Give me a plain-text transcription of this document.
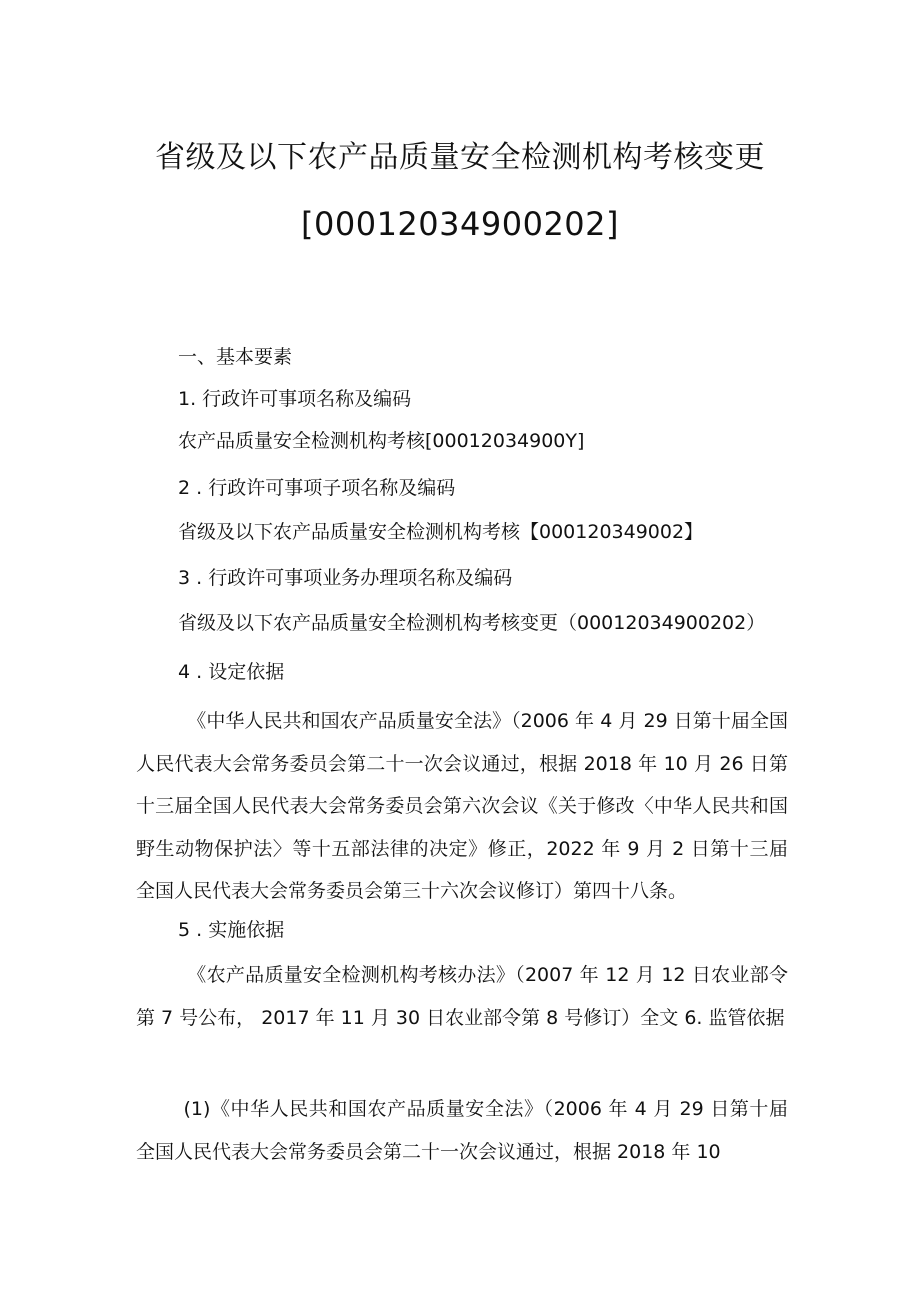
省级及以下农产品质量安全检测机构考核变更
[00012034900202]
一、基本要素
1. 行政许可事项名称及编码
农产品质量安全检测机构考核[00012034900Y]
2 . 行政许可事项子项名称及编码
省级及以下农产品质量安全检测机构考核【000120349002】
3 . 行政许可事项业务办理项名称及编码
省级及以下农产品质量安全检测机构考核变更（00012034900202）
4 . 设定依据
《中华人民共和国农产品质量安全法》（2006 年 4 月 29 日第十届全国人民代表大会常务委员会第二十一次会议通过，根据 2018 年 10 月 26 日第十三届全国人民代表大会常务委员会第六次会议《关于修改〈中华人民共和国野生动物保护法〉等十五部法律的决定》修正，2022 年 9 月 2 日第十三届全国人民代表大会常务委员会第三十六次会议修订）第四十八条。
5 . 实施依据
《农产品质量安全检测机构考核办法》（2007 年 12 月 12 日农业部令第 7 号公布， 2017 年 11 月 30 日农业部令第 8 号修订）全文 6. 监管依据
(1)《中华人民共和国农产品质量安全法》（2006 年 4 月 29 日第十届全国人民代表大会常务委员会第二十一次会议通过，根据 2018 年 10
